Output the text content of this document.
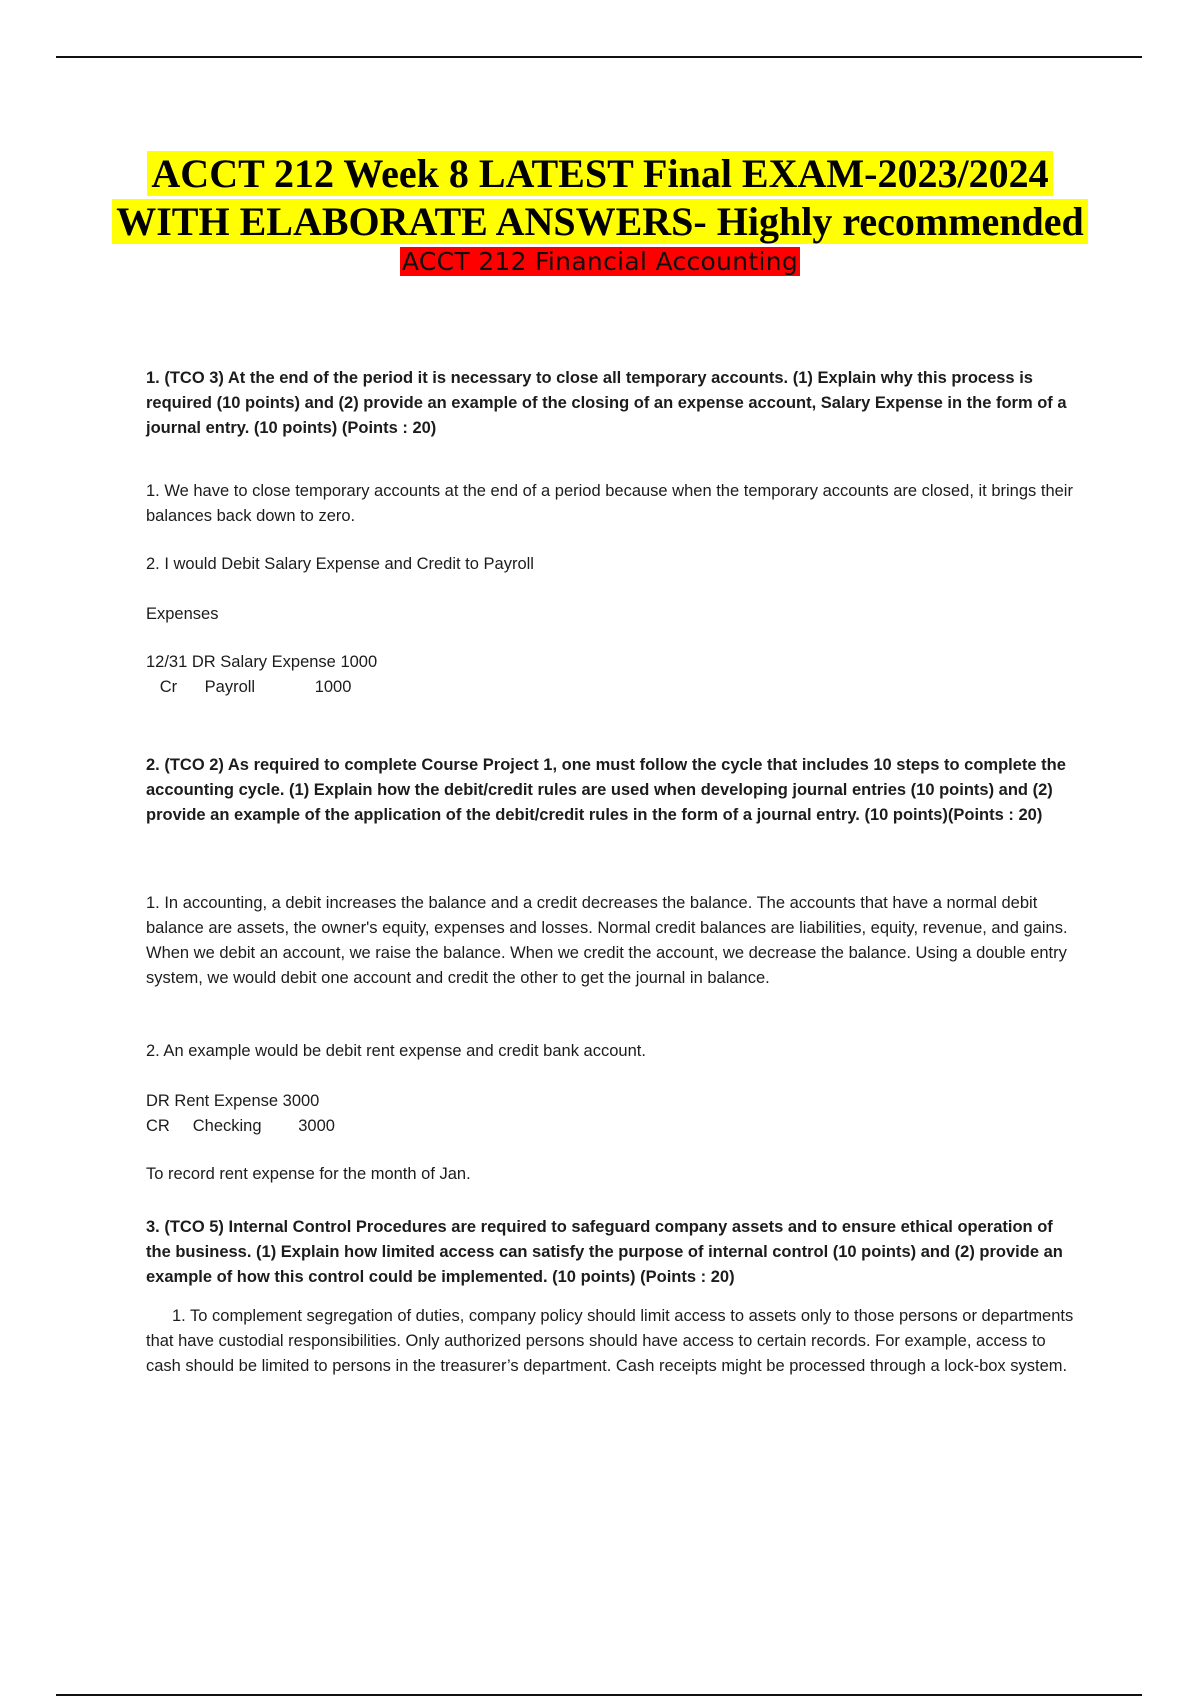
ACCT 212 Week 8 LATEST Final EXAM-2023/2024
WITH ELABORATE ANSWERS- Highly recommended
ACCT 212 Financial Accounting

1. (TCO 3) At the end of the period it is necessary to close all temporary accounts. (1) Explain why this process is required (10 points) and (2) provide an example of the closing of an expense account, Salary Expense in the form of a journal entry. (10 points) (Points : 20)

1. We have to close temporary accounts at the end of a period because when the temporary accounts are closed, it brings their balances back down to zero.

2. I would Debit Salary Expense and Credit to Payroll

Expenses

12/31 DR Salary Expense 1000

Cr      Payroll             1000

2. (TCO 2) As required to complete Course Project 1, one must follow the cycle that includes 10 steps to complete the accounting cycle. (1) Explain how the debit/credit rules are used when developing journal entries (10 points) and (2) provide an example of the application of the debit/credit rules in the form of a journal entry. (10 points)(Points : 20)

1. In accounting, a debit increases the balance and a credit decreases the balance. The accounts that have a normal debit balance are assets, the owner's equity, expenses and losses. Normal credit balances are liabilities, equity, revenue, and gains. When we debit an account, we raise the balance. When we credit the account, we decrease the balance. Using a double entry system, we would debit one account and credit the other to get the journal in balance.

2. An example would be debit rent expense and credit bank account.

DR Rent Expense 3000

CR     Checking        3000

To record rent expense for the month of Jan.

3. (TCO 5) Internal Control Procedures are required to safeguard company assets and to ensure ethical operation of the business. (1) Explain how limited access can satisfy the purpose of internal control (10 points) and (2) provide an example of how this control could be implemented. (10 points) (Points : 20)

1. To complement segregation of duties, company policy should limit access to assets only to those persons or departments that have custodial responsibilities. Only authorized persons should have access to certain records. For example, access to cash should be limited to persons in the treasurer’s department. Cash receipts might be processed through a lock-box system.
